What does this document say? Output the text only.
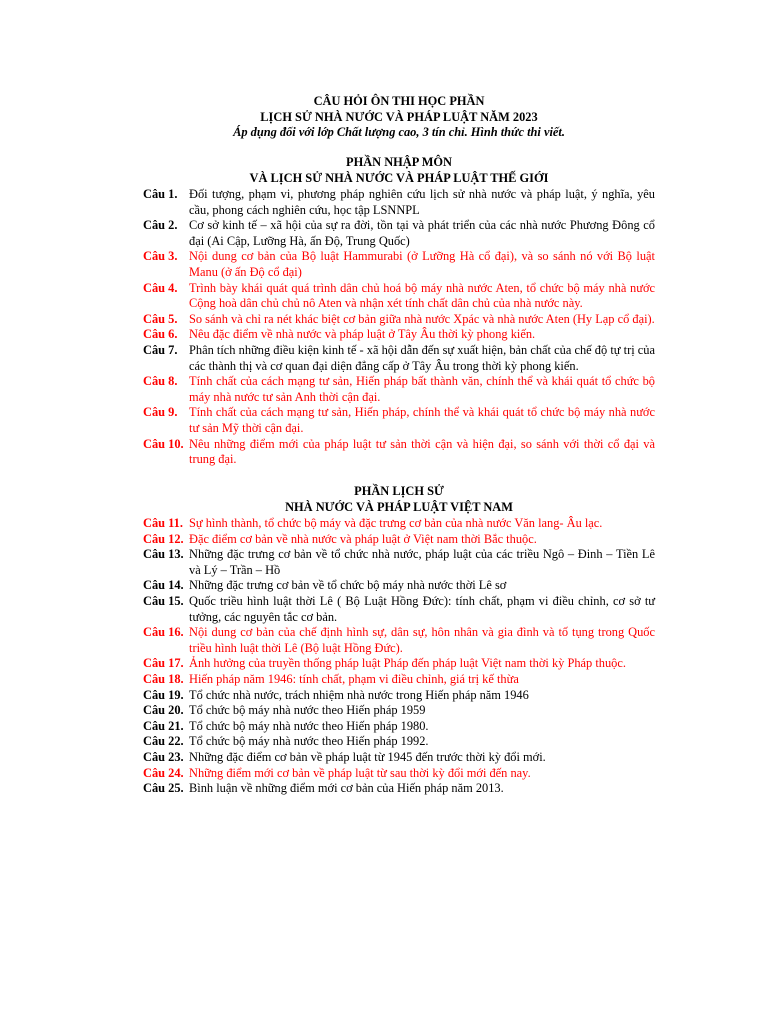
CÂU HỎI ÔN THI HỌC PHẦN
LỊCH SỬ NHÀ NƯỚC VÀ PHÁP LUẬT NĂM 2023
Áp dụng đối với lớp Chất lượng cao, 3 tín chỉ. Hình thức thi viết.
PHẦN NHẬP MÔN
VÀ LỊCH SỬ NHÀ NƯỚC VÀ PHÁP LUẬT THẾ GIỚI
Câu 1. Đối tượng, phạm vi, phương pháp nghiên cứu lịch sử nhà nước và pháp luật, ý nghĩa, yêu cầu, phong cách nghiên cứu, học tập LSNNPL
Câu 2. Cơ sở kinh tế – xã hội của sự ra đời, tồn tại và phát triển của các nhà nước Phương Đông cổ đại (Ai Cập, Lưỡng Hà, ấn Độ, Trung Quốc)
Câu 3. Nội dung cơ bản của Bộ luật Hammurabi (ở Lưỡng Hà cổ đại), và so sánh nó với Bộ luật Manu (ở ấn Độ cổ đại)
Câu 4. Trình bày khái quát quá trình dân chủ hoá bộ máy nhà nước Aten, tổ chức bộ máy nhà nước Cộng hoà dân chủ chủ nô Aten và nhận xét tính chất dân chủ của nhà nước này.
Câu 5. So sánh và chỉ ra nét khác biệt cơ bản giữa nhà nước Xpác và nhà nước Aten (Hy Lạp cổ đại).
Câu 6. Nêu đặc điểm về nhà nước và pháp luật ở Tây Âu thời kỳ phong kiến.
Câu 7. Phân tích những điều kiện kinh tế - xã hội dẫn đến sự xuất hiện, bản chất của chế độ tự trị của các thành thị và cơ quan đại diện đẳng cấp ở Tây Âu trong thời kỳ phong kiến.
Câu 8. Tính chất của cách mạng tư sản, Hiến pháp bất thành văn, chính thể và khái quát tổ chức bộ máy nhà nước tư sản Anh thời cận đại.
Câu 9. Tính chất của cách mạng tư sản, Hiến pháp, chính thể và khái quát tổ chức bộ máy nhà nước tư sản Mỹ thời cận đại.
Câu 10. Nêu những điểm mới của pháp luật tư sản thời cận và hiện đại, so sánh với thời cổ đại và trung đại.
PHẦN LỊCH SỬ
NHÀ NƯỚC VÀ PHÁP LUẬT VIỆT NAM
Câu 11. Sự hình thành, tổ chức bộ máy và đặc trưng cơ bản của nhà nước Văn lang- Âu lạc.
Câu 12. Đặc điểm cơ bản về nhà nước và pháp luật ở Việt nam thời Bắc thuộc.
Câu 13. Những đặc trưng cơ bản về tổ chức nhà nước, pháp luật của các triều Ngô – Đinh – Tiền Lê và Lý – Trần – Hồ
Câu 14. Những đặc trưng cơ bản về tổ chức bộ máy nhà nước thời Lê sơ
Câu 15. Quốc triều hình luật thời Lê ( Bộ Luật Hồng Đức): tính chất, phạm vi điều chỉnh, cơ sở tư tưởng, các nguyên tắc cơ bản.
Câu 16. Nội dung cơ bản của chế định hình sự, dân sự, hôn nhân và gia đình và tố tụng trong Quốc triều hình luật thời Lê (Bộ luật Hồng Đức).
Câu 17. Ảnh hưởng của truyền thống pháp luật Pháp đến pháp luật Việt nam thời kỳ Pháp thuộc.
Câu 18. Hiến pháp năm 1946: tính chất, phạm vi điều chỉnh, giá trị kế thừa
Câu 19. Tổ chức nhà nước, trách nhiệm nhà nước trong Hiến pháp năm 1946
Câu 20. Tổ chức bộ máy nhà nước theo Hiến pháp 1959
Câu 21. Tổ chức bộ máy nhà nước theo Hiến pháp 1980.
Câu 22. Tổ chức bộ máy nhà nước theo Hiến pháp 1992.
Câu 23. Những đặc điểm cơ bản về pháp luật từ 1945 đến trước thời kỳ đổi mới.
Câu 24. Những điểm mới cơ bản về pháp luật từ sau thời kỳ đổi mới đến nay.
Câu 25. Bình luận về những điểm mới cơ bản của Hiến pháp năm 2013.
